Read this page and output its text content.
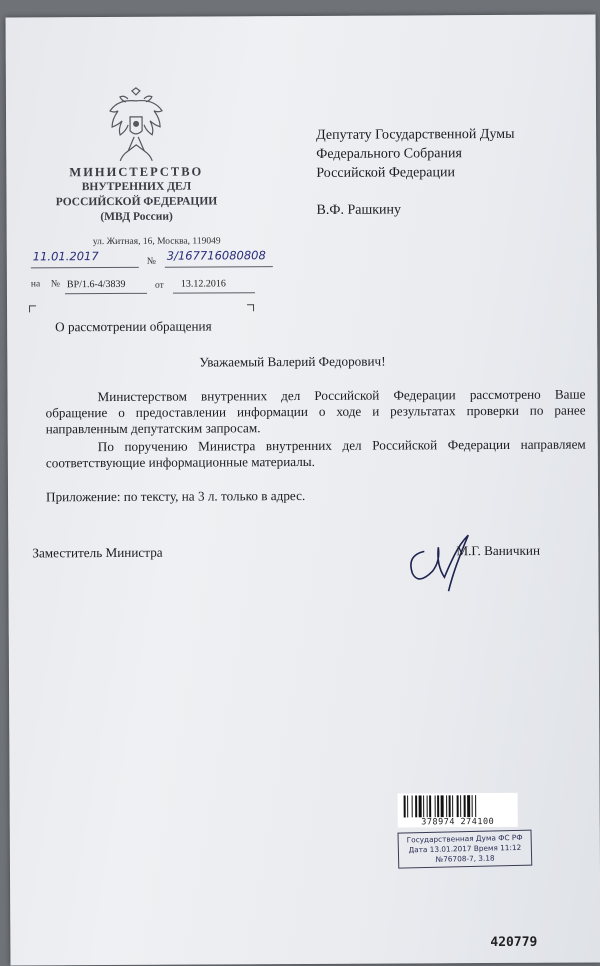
МИНИСТЕРСТВО
ВНУТРЕННИХ ДЕЛ
РОССИЙСКОЙ ФЕДЕРАЦИИ
(МВД России)
ул. Житная, 16, Москва, 119049
11.01.2017	№ 3/167716080808
на № ВР/1.6-4/3839	от 13.12.2016
Депутату Государственной Думы
Федерального Собрания
Российской Федерации
В.Ф. Рашкину
О рассмотрении обращения
Уважаемый Валерий Федорович!
Министерством внутренних дел Российской Федерации рассмотрено Ваше обращение о предоставлении информации о ходе и результатах проверки по ранее направленным депутатским запросам.
По поручению Министра внутренних дел Российской Федерации направляем соответствующие информационные материалы.
Приложение: по тексту, на 3 л. только в адрес.
Заместитель Министра	М.Г. Ваничкин
378974 274100
Государственная Дума ФС РФ
Дата 13.01.2017 Время 11:12
№76708-7, 3.18
420779
